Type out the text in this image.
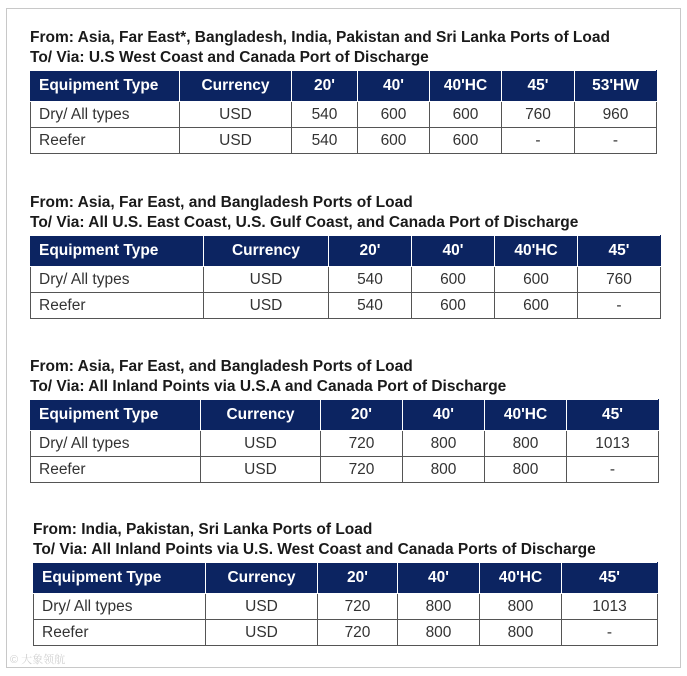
From: Asia, Far East*, Bangladesh, India, Pakistan and Sri Lanka Ports of Load
To/ Via: U.S West Coast and Canada Port of Discharge
Equipment Type	Currency	20'	40'	40'HC	45'	53'HW
Dry/ All types	USD	540	600	600	760	960
Reefer	USD	540	600	600	-	-
From: Asia, Far East, and Bangladesh Ports of Load
To/ Via: All U.S. East Coast, U.S. Gulf Coast, and Canada Port of Discharge
Equipment Type	Currency	20'	40'	40'HC	45'
Dry/ All types	USD	540	600	600	760
Reefer	USD	540	600	600	-
From: Asia, Far East, and Bangladesh Ports of Load
To/ Via: All Inland Points via U.S.A and Canada Port of Discharge
Equipment Type	Currency	20'	40'	40'HC	45'
Dry/ All types	USD	720	800	800	1013
Reefer	USD	720	800	800	-
From: India, Pakistan, Sri Lanka Ports of Load
To/ Via: All Inland Points via U.S. West Coast and Canada Ports of Discharge
Equipment Type	Currency	20'	40'	40'HC	45'
Dry/ All types	USD	720	800	800	1013
Reefer	USD	720	800	800	-
© 大象领航
